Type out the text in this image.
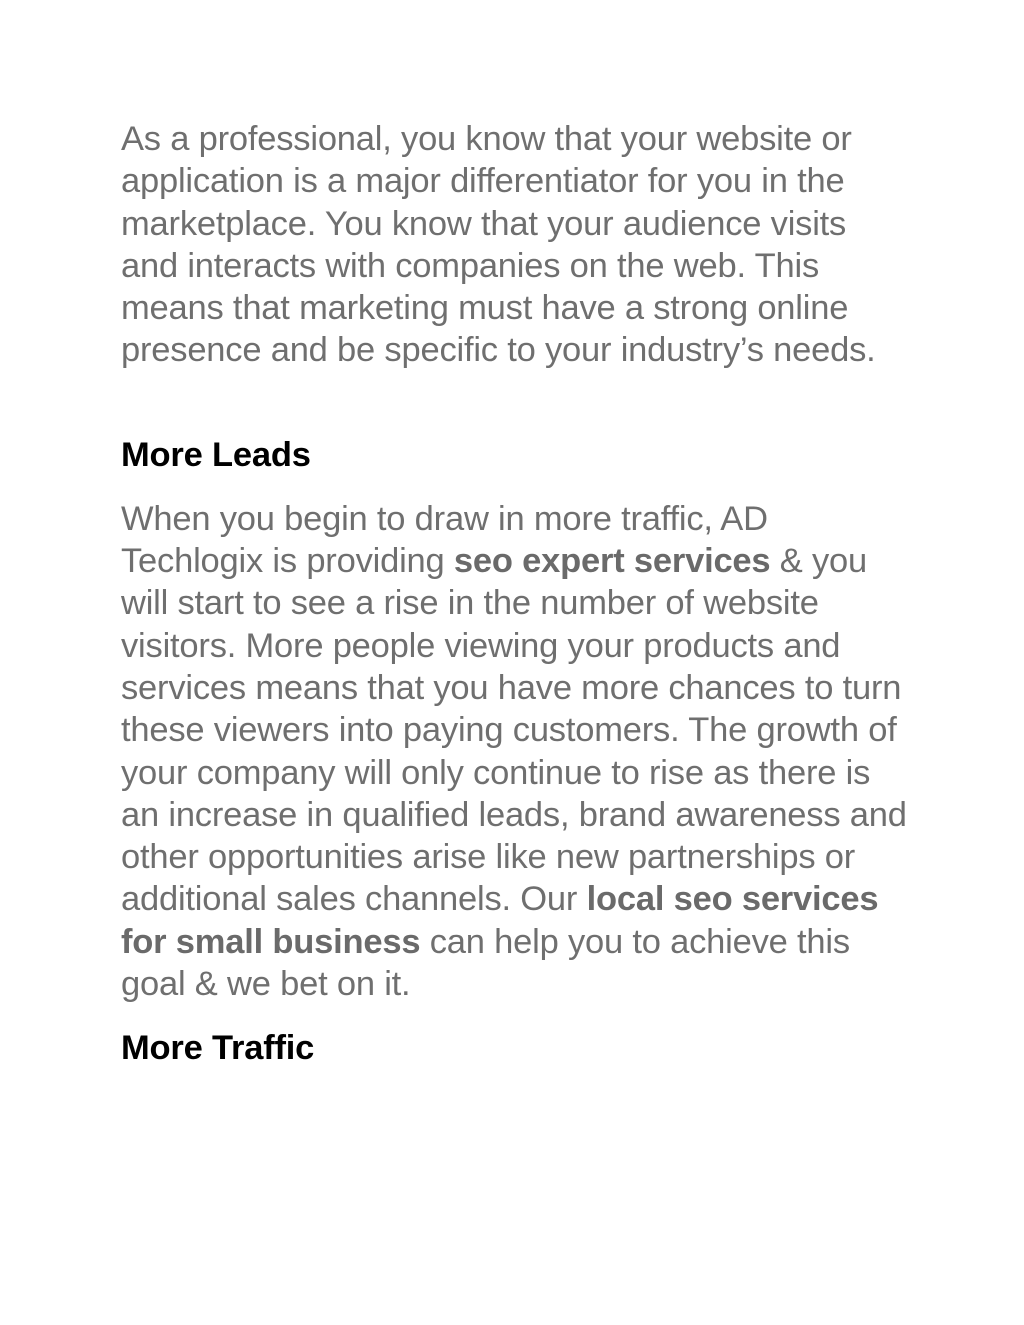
As a professional, you know that your website or application is a major differentiator for you in the marketplace. You know that your audience visits and interacts with companies on the web. This means that marketing must have a strong online presence and be specific to your industry’s needs.

More Leads

When you begin to draw in more traffic, AD Techlogix is providing seo expert services & you will start to see a rise in the number of website visitors. More people viewing your products and services means that you have more chances to turn these viewers into paying customers. The growth of your company will only continue to rise as there is an increase in qualified leads, brand awareness and other opportunities arise like new partnerships or additional sales channels. Our local seo services for small business can help you to achieve this goal & we bet on it.

More Traffic
